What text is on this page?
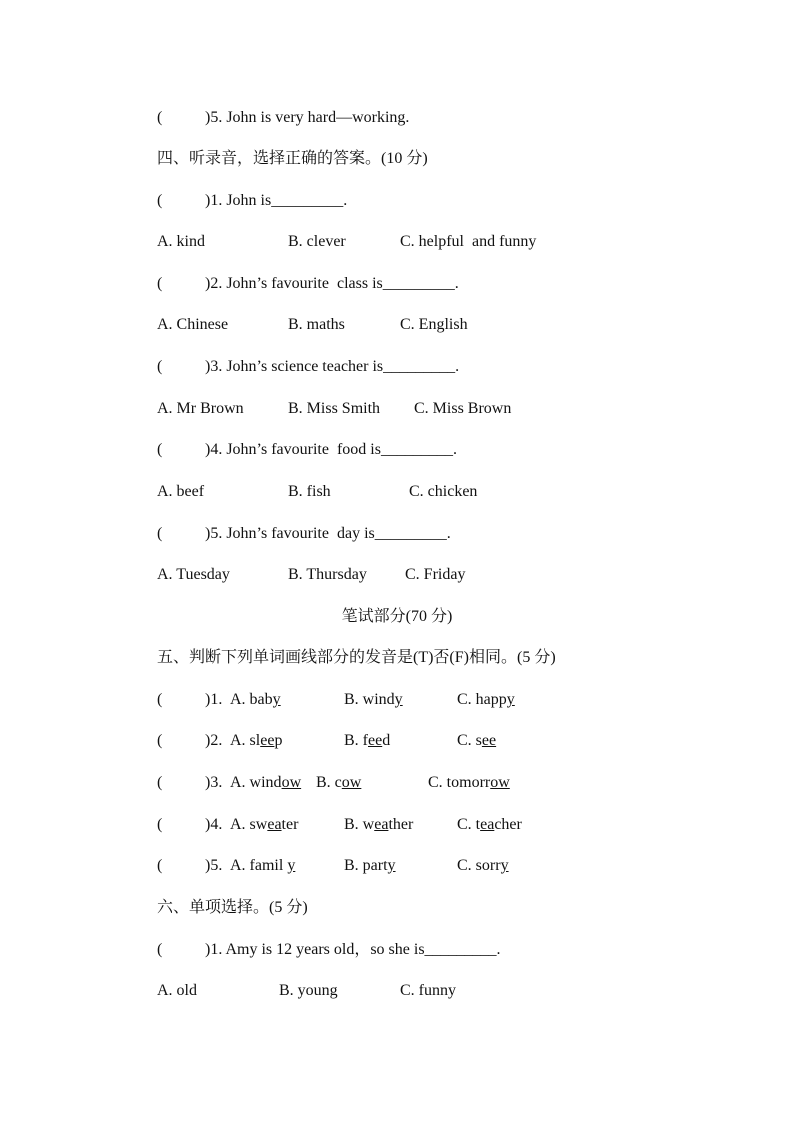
(	)5. John is very hard—working.
四、听录音，选择正确的答案。(10 分)
(	)1. John is_________.
A. kind	B. clever	C. helpful  and funny
(	)2. John’s favourite  class is_________.
A. Chinese	B. maths	C. English
(	)3. John’s science teacher is_________.
A. Mr Brown	B. Miss Smith C. Miss Brown
(	)4. John’s favourite  food is_________.
A. beef	B. fish	C. chicken
(	)5. John’s favourite  day is_________.
A. Tuesday	B. Thursday C. Friday
笔试部分(70 分)
五、判断下列单词画线部分的发音是(T)否(F)相同。(5 分)
(	)1. A. baby	B. windy	C. happy
(	)2. A. sleep	B. feed	C. see
(	)3. A. window B. cow	C. tomorrow
(	)4. A. sweater	B. weather	C. teacher
(	)5. A. famil y	B. party	C. sorry
六、单项选择。(5 分)
(	)1. Amy is 12 years old，so she is_________.
A. old	B. young	C. funny
